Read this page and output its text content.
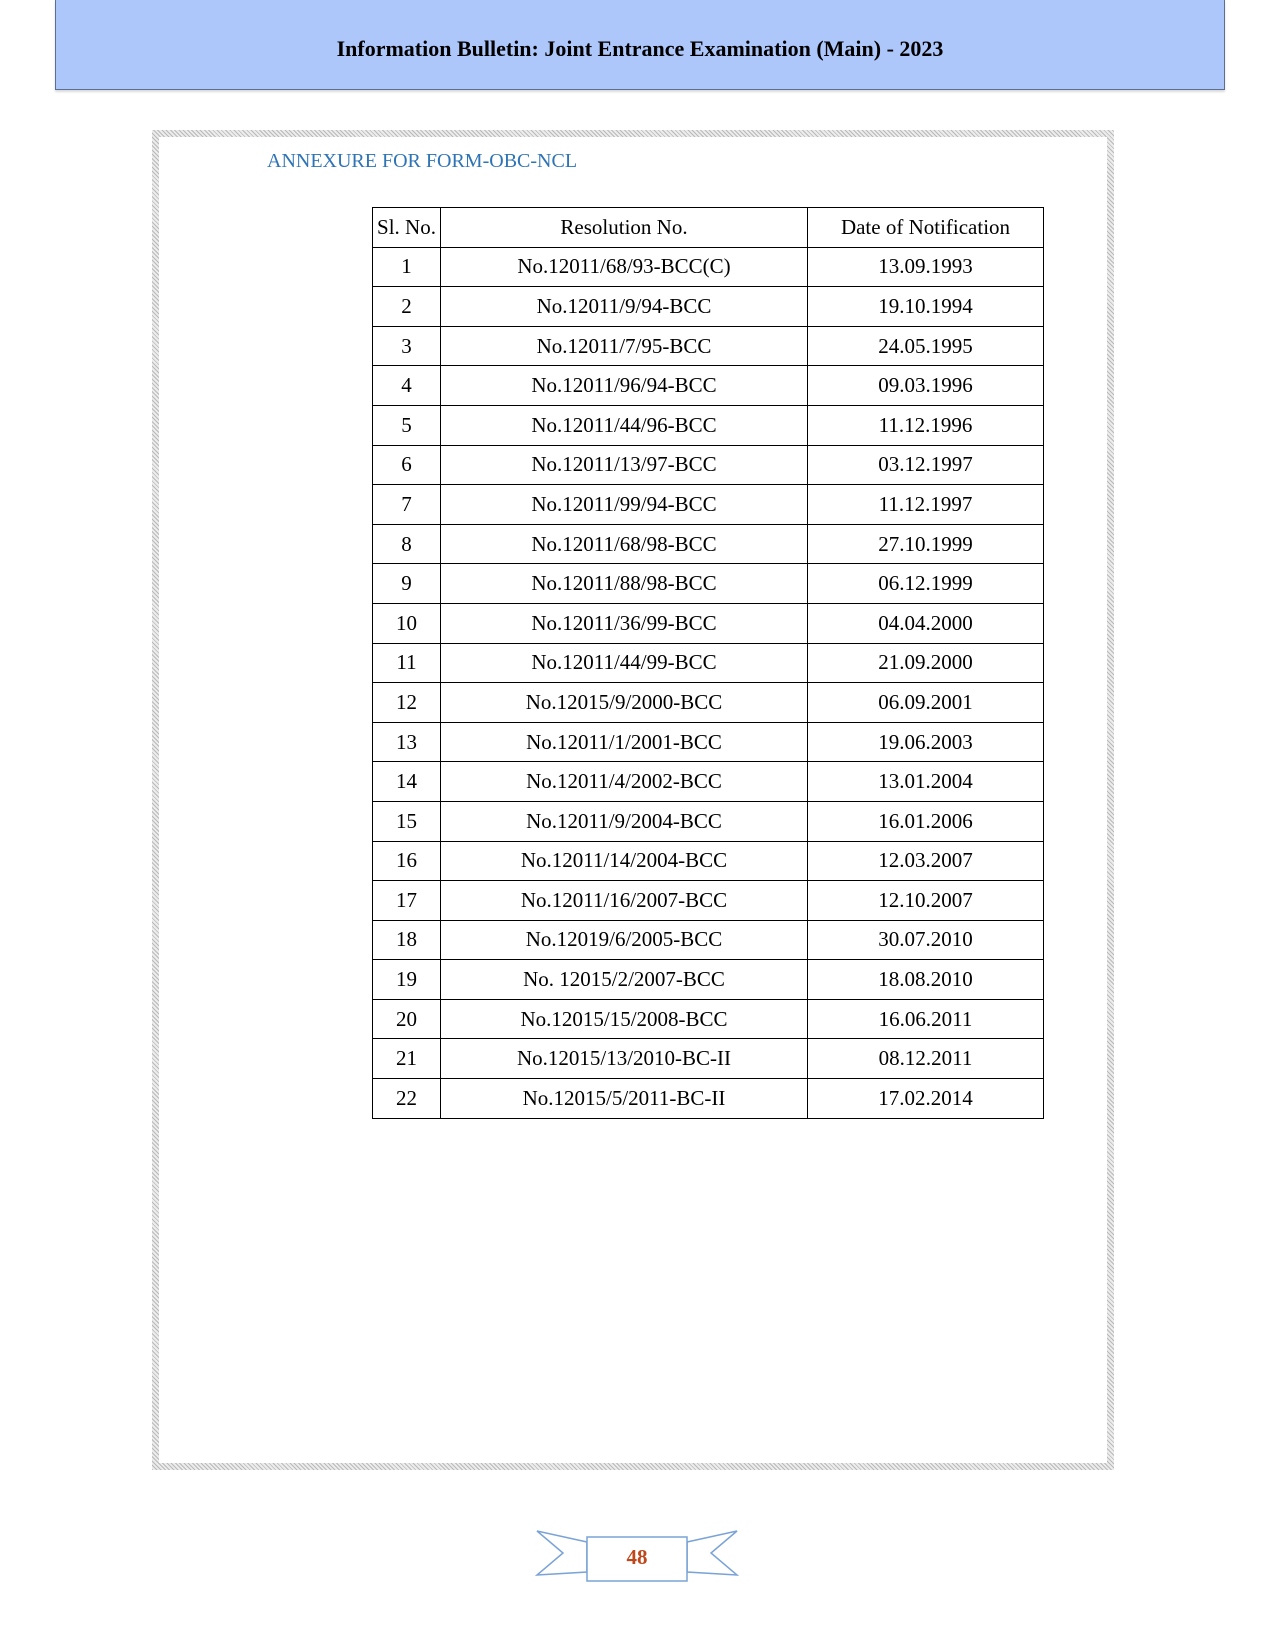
Information Bulletin: Joint Entrance Examination (Main) - 2023
ANNEXURE FOR FORM-OBC-NCL
Sl. No.	Resolution No.	Date of Notification
1	No.12011/68/93-BCC(C)	13.09.1993
2	No.12011/9/94-BCC	19.10.1994
3	No.12011/7/95-BCC	24.05.1995
4	No.12011/96/94-BCC	09.03.1996
5	No.12011/44/96-BCC	11.12.1996
6	No.12011/13/97-BCC	03.12.1997
7	No.12011/99/94-BCC	11.12.1997
8	No.12011/68/98-BCC	27.10.1999
9	No.12011/88/98-BCC	06.12.1999
10	No.12011/36/99-BCC	04.04.2000
11	No.12011/44/99-BCC	21.09.2000
12	No.12015/9/2000-BCC	06.09.2001
13	No.12011/1/2001-BCC	19.06.2003
14	No.12011/4/2002-BCC	13.01.2004
15	No.12011/9/2004-BCC	16.01.2006
16	No.12011/14/2004-BCC	12.03.2007
17	No.12011/16/2007-BCC	12.10.2007
18	No.12019/6/2005-BCC	30.07.2010
19	No. 12015/2/2007-BCC	18.08.2010
20	No.12015/15/2008-BCC	16.06.2011
21	No.12015/13/2010-BC-II	08.12.2011
22	No.12015/5/2011-BC-II	17.02.2014
48
